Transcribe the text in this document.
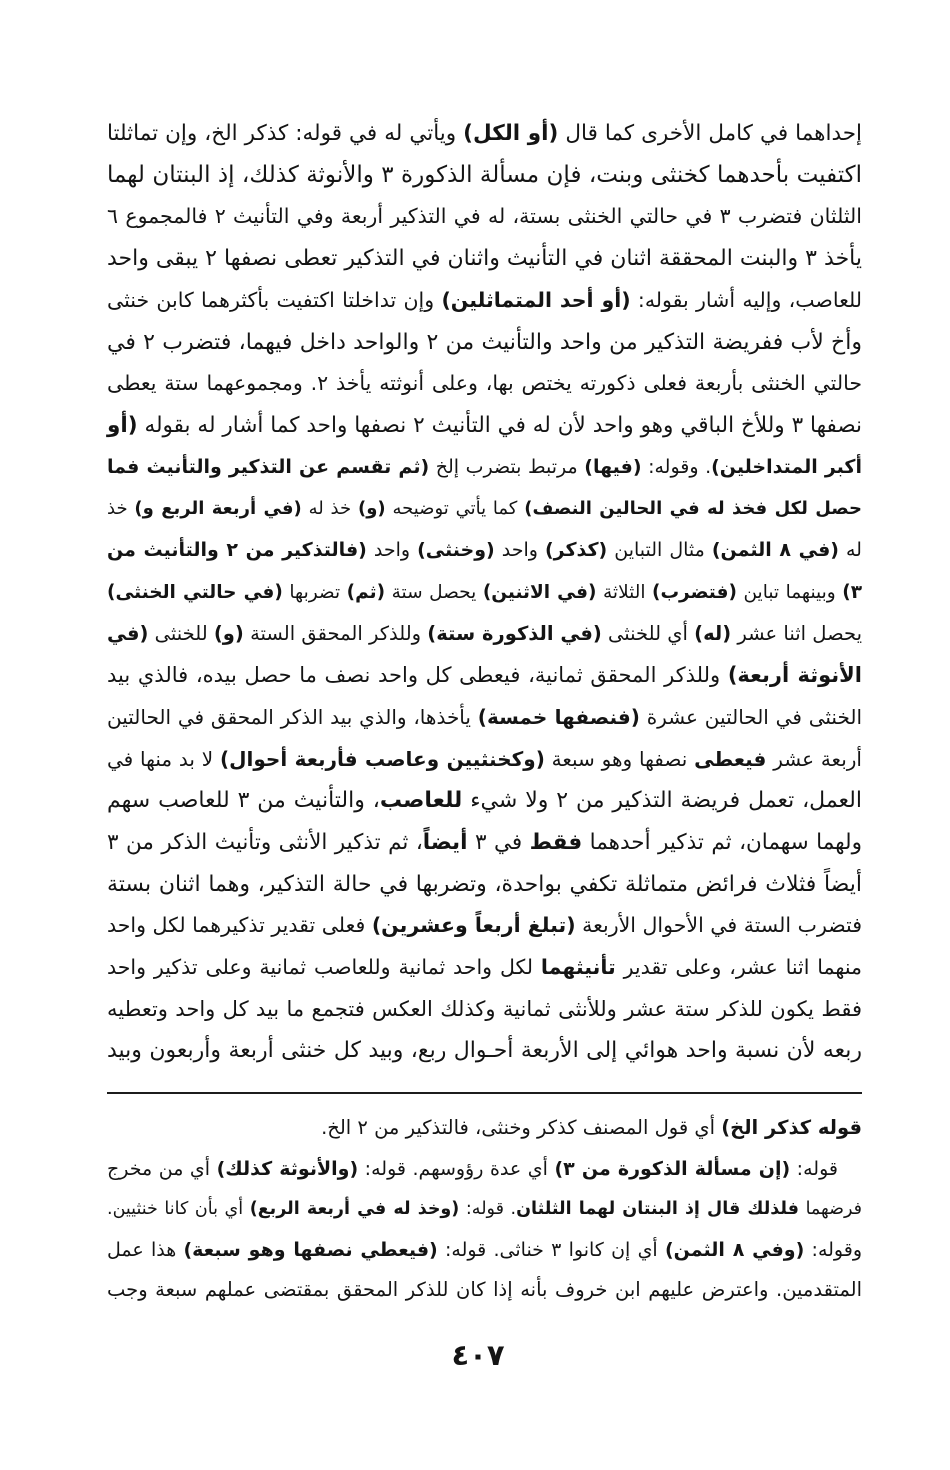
إحداهما في كامل الأخرى كما قال (أو الكل) ويأتي له في قوله: كذكر الخ، وإن تماثلتا
اكتفيت بأحدهما كخنثى وبنت، فإن مسألة الذكورة ٣ والأنوثة كذلك، إذ البنتان لهما
الثلثان فتضرب ٣ في حالتي الخنثى بستة، له في التذكير أربعة وفي التأنيث ٢ فالمجموع ٦
يأخذ ٣ والبنت المحققة اثنان في التأنيث واثنان في التذكير تعطى نصفها ٢ يبقى واحد
للعاصب، وإليه أشار بقوله: (أو أحد المتماثلين) وإن تداخلتا اكتفيت بأكثرهما كابن خنثى
وأخ لأب ففريضة التذكير من واحد والتأنيث من ٢ والواحد داخل فيهما، فتضرب ٢ في
حالتي الخنثى بأربعة فعلى ذكورته يختص بها، وعلى أنوثته يأخذ ٢. ومجموعهما ستة يعطى
نصفها ٣ وللأخ الباقي وهو واحد لأن له في التأنيث ٢ نصفها واحد كما أشار له بقوله (أو
أكبر المتداخلين). وقوله: (فيها) مرتبط بتضرب إلخ (ثم تقسم عن التذكير والتأنيث فما
حصل لكل فخذ له في الحالين النصف) كما يأتي توضيحه (و) خذ له (في أربعة الربع و) خذ
له (في ٨ الثمن) مثال التباين (كذكر) واحد (وخنثى) واحد (فالتذكير من ٢ والتأنيث من
٣) وبينهما تباين (فتضرب) الثلاثة (في الاثنين) يحصل ستة (ثم) تضربها (في حالتي الخنثى)
يحصل اثنا عشر (له) أي للخنثى (في الذكورة ستة) وللذكر المحقق الستة (و) للخنثى (في
الأنوثة أربعة) وللذكر المحقق ثمانية، فيعطى كل واحد نصف ما حصل بيده، فالذي بيد
الخنثى في الحالتين عشرة (فنصفها خمسة) يأخذها، والذي بيد الذكر المحقق في الحالتين
أربعة عشر فيعطى نصفها وهو سبعة (وكخنثيين وعاصب فأربعة أحوال) لا بد منها في
العمل، تعمل فريضة التذكير من ٢ ولا شيء للعاصب، والتأنيث من ٣ للعاصب سهم
ولهما سهمان، ثم تذكير أحدهما فقط في ٣ أيضاً، ثم تذكير الأنثى وتأنيث الذكر من ٣
أيضاً فثلاث فرائض متماثلة تكفي بواحدة، وتضربها في حالة التذكير، وهما اثنان بستة
فتضرب الستة في الأحوال الأربعة (تبلغ أربعاً وعشرين) فعلى تقدير تذكيرهما لكل واحد
منهما اثنا عشر، وعلى تقدير تأنيثهما لكل واحد ثمانية وللعاصب ثمانية وعلى تذكير واحد
فقط يكون للذكر ستة عشر وللأنثى ثمانية وكذلك العكس فتجمع ما بيد كل واحد وتعطيه
ربعه لأن نسبة واحد هوائي إلى الأربعة أحـوال ربع، وبيد كل خنثى أربعة وأربعون وبيد
قوله كذكر الخ) أي قول المصنف كذكر وخنثى، فالتذكير من ٢ الخ.
قوله: (إن مسألة الذكورة من ٣) أي عدة رؤوسهم. قوله: (والأنوثة كذلك) أي من مخرج
فرضهما فلذلك قال إذ البنتان لهما الثلثان. قوله: (وخذ له في أربعة الربع) أي بأن كانا خنثيين.
وقوله: (وفي ٨ الثمن) أي إن كانوا ٣ خناثى. قوله: (فيعطي نصفها وهو سبعة) هذا عمل
المتقدمين. واعترض عليهم ابن خروف بأنه إذا كان للذكر المحقق بمقتضى عملهم سبعة وجب
٤٠٧
